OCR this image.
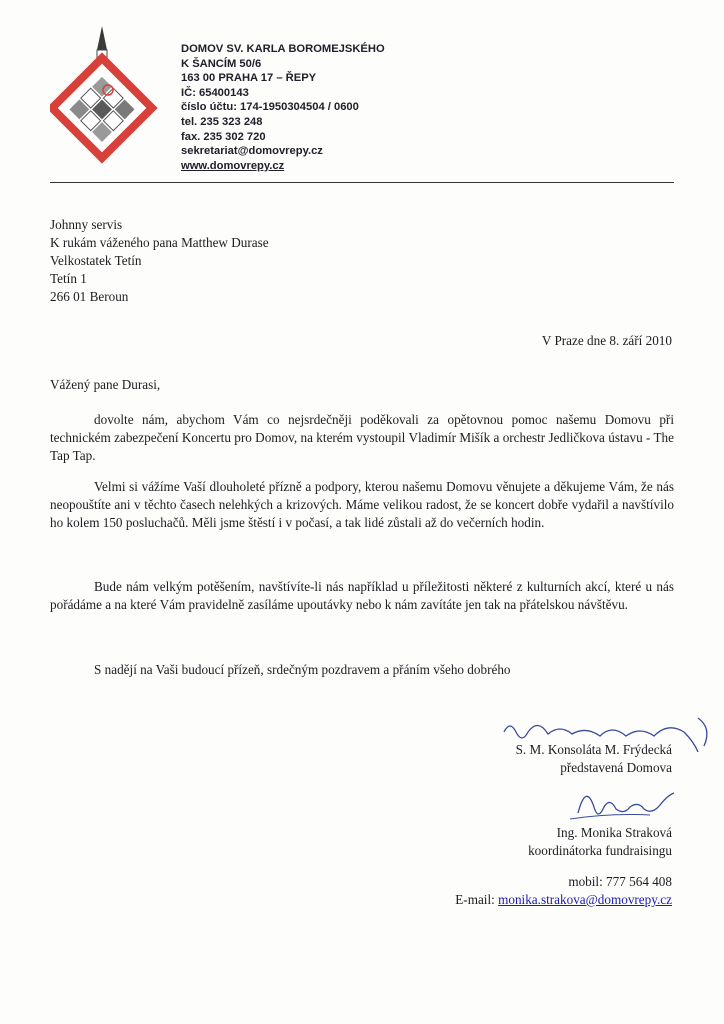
DOMOV SV. KARLA BOROMEJSKÉHO
K ŠANCÍM 50/6
163 00 PRAHA 17 – ŘEPY
IČ: 65400143
číslo účtu: 174-1950304504 / 0600
tel. 235 323 248
fax. 235 302 720
sekretariat@domovrepy.cz
www.domovrepy.cz
Johnny servis
K rukám váženého pana Matthew Durase
Velkostatek Tetín
Tetín 1
266 01 Beroun
V Praze dne 8. září 2010
Vážený pane Durasi,

dovolte nám, abychom Vám co nejsrdečněji poděkovali za opětovnou pomoc našemu Domovu při technickém zabezpečení Koncertu pro Domov, na kterém vystoupil Vladimír Mišík a orchestr Jedličkova ústavu - The Tap Tap.

Velmi si vážíme Vaší dlouholeté přízně a podpory, kterou našemu Domovu věnujete a děkujeme Vám, že nás neopouštíte ani v těchto časech nelehkých a krizových. Máme velikou radost, že se koncert dobře vydařil a navštívilo ho kolem 150 posluchačů. Měli jsme štěstí i v počasí, a tak lidé zůstali až do večerních hodin.

Bude nám velkým potěšením, navštívíte-li nás například u příležitosti některé z kulturních akcí, které u nás pořádáme a na které Vám pravidelně zasíláme upoutávky nebo k nám zavítáte jen tak na přátelskou návštěvu.

S nadějí na Vaši budoucí přízeň, srdečným pozdravem a přáním všeho dobrého

S. M. Konsoláta M. Frýdecká
představená Domova
Ing. Monika Straková
koordinátorka fundraisingu
mobil: 777 564 408
E-mail: monika.strakova@domovrepy.cz
